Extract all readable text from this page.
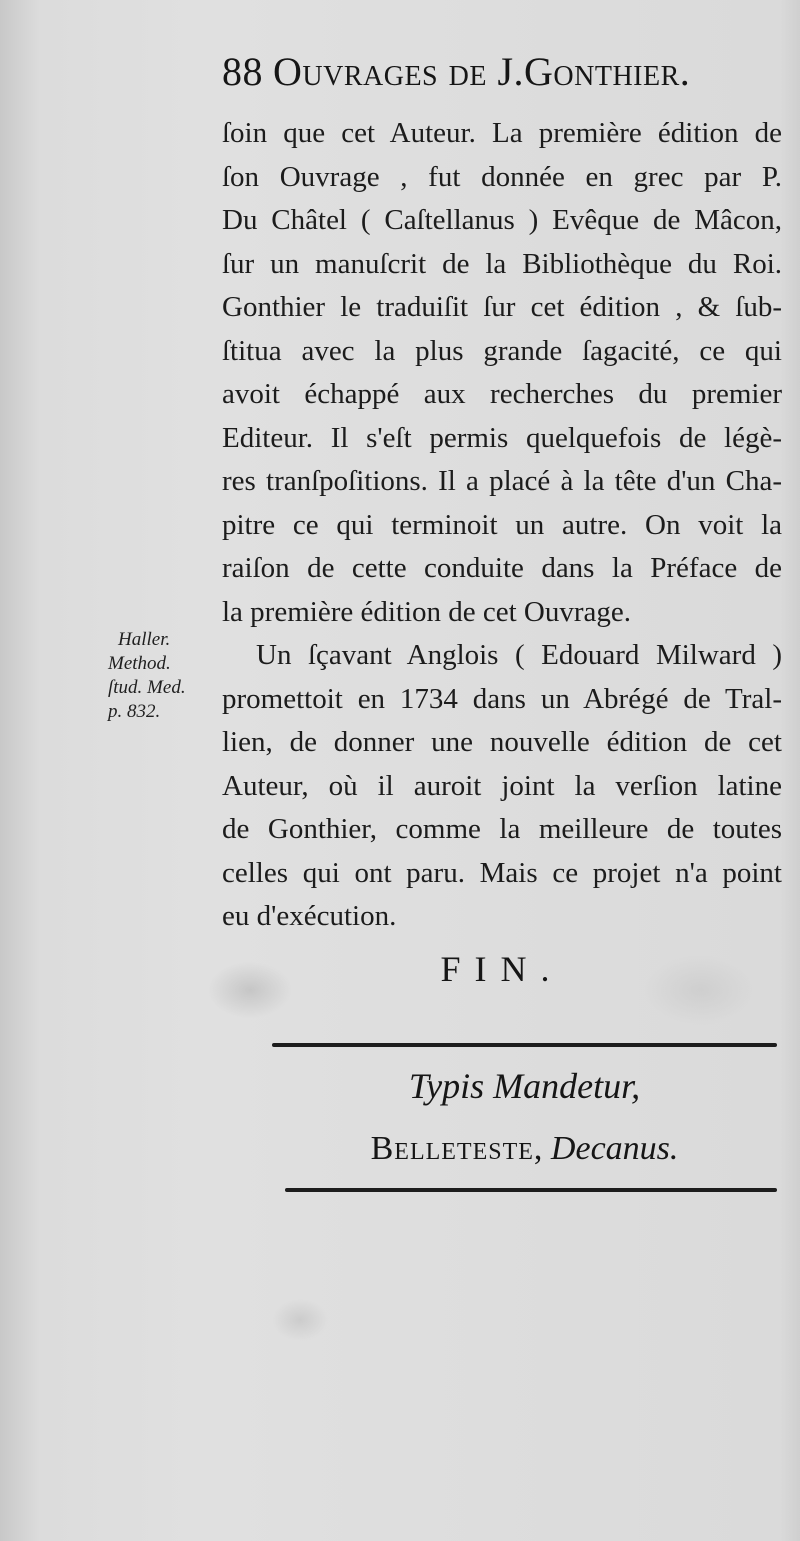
88 Ouvrages de J.Gonthier.
ſoin que cet Auteur. La première édition de
ſon Ouvrage , fut donnée en grec par P.
Du Châtel ( Caſtellanus ) Evêque de Mâcon,
ſur un manuſcrit de la Bibliothèque du Roi.
Gonthier le traduiſit ſur cet édition , & ſub-
ſtitua avec la plus grande ſagacité, ce qui
avoit échappé aux recherches du premier
Editeur. Il s'eſt permis quelquefois de légè-
res tranſpoſitions. Il a placé à la tête d'un Cha-
pitre ce qui terminoit un autre. On voit la
raiſon de cette conduite dans la Préface de
la première édition de cet Ouvrage.
Un ſçavant Anglois ( Edouard Milward )
promettoit en 1734 dans un Abrégé de Tral-
lien, de donner une nouvelle édition de cet
Auteur, où il auroit joint la verſion latine
de Gonthier, comme la meilleure de toutes
celles qui ont paru. Mais ce projet n'a point
eu d'exécution.
Haller.
Method.
ſtud. Med.
p. 832.
FIN.
Typis Mandetur,
Belleteste, Decanus.
